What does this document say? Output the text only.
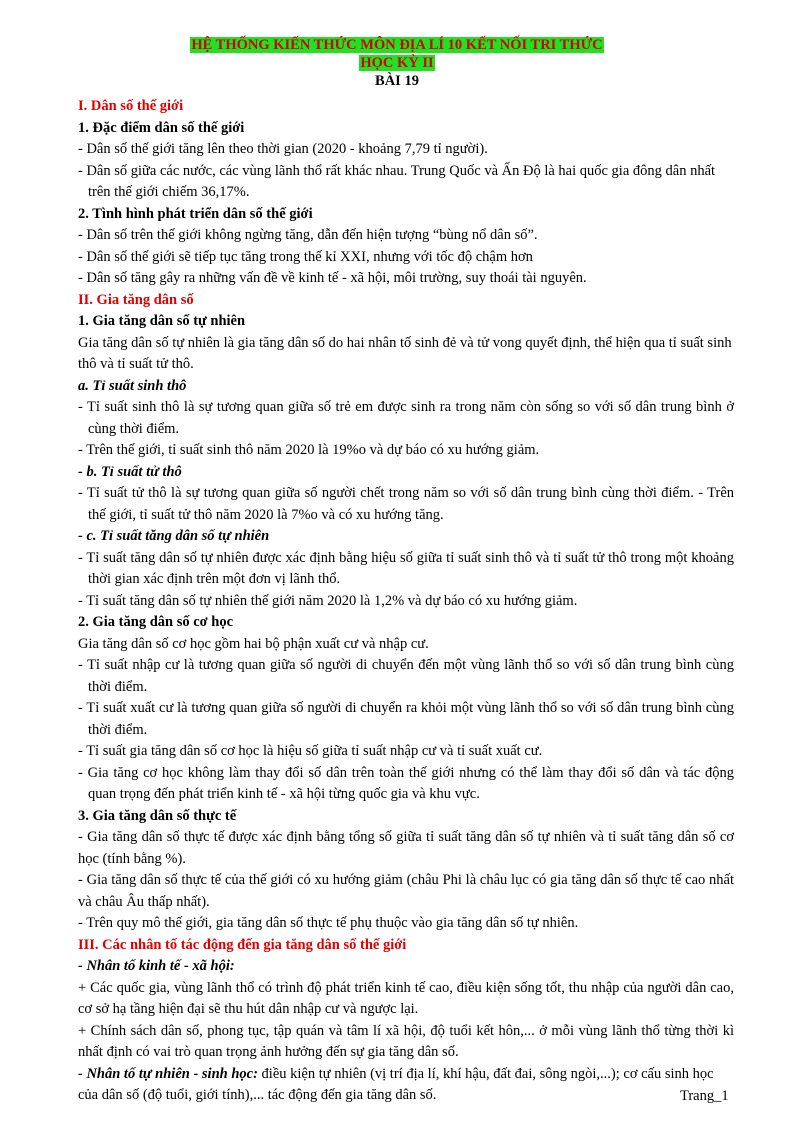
HỆ THỐNG KIẾN THỨC MÔN ĐỊA LÍ 10 KẾT NỐI TRI THỨC
HỌC KỲ II
BÀI 19

I. Dân số thế giới

1. Đặc điểm dân số thế giới

- Dân số thế giới tăng lên theo thời gian (2020 - khoảng 7,79 tỉ người).

- Dân số giữa các nước, các vùng lãnh thổ rất khác nhau. Trung Quốc và Ấn Độ là hai quốc gia đông dân nhất trên thế giới chiếm 36,17%.

2. Tình hình phát triển dân số thế giới

- Dân số trên thế giới không ngừng tăng, dẫn đến hiện tượng “bùng nổ dân số”.

- Dân số thế giới sẽ tiếp tục tăng trong thế kỉ XXI, nhưng với tốc độ chậm hơn

- Dân số tăng gây ra những vấn đề về kinh tế - xã hội, môi trường, suy thoái tài nguyên.

II. Gia tăng dân số

1. Gia tăng dân số tự nhiên

Gia tăng dân số tự nhiên là gia tăng dân số do hai nhân tố sinh đẻ và tử vong quyết định, thể hiện qua tỉ suất sinh thô và tỉ suất tử thô.

a. Tỉ suất sinh thô

- Tỉ suất sinh thô là sự tương quan giữa số trẻ em được sinh ra trong năm còn sống so với số dân trung bình ở cùng thời điểm.

- Trên thế giới, tỉ suất sinh thô năm 2020 là 19%o và dự báo có xu hướng giảm.

- b. Tỉ suất tử thô

- Tỉ suất tử thô là sự tương quan giữa số người chết trong năm so với số dân trung bình cùng thời điểm. - Trên thế giới, tỉ suất tử thô năm 2020 là 7%o và có xu hướng tăng.

- c. Tỉ suất tăng dân số tự nhiên

- Tỉ suất tăng dân số tự nhiên được xác định bằng hiệu số giữa tỉ suất sinh thô và tỉ suất tử thô trong một khoảng thời gian xác định trên một đơn vị lãnh thổ.

- Tỉ suất tăng dân số tự nhiên thế giới năm 2020 là 1,2% và dự báo có xu hướng giảm.

2. Gia tăng dân số cơ học

Gia tăng dân số cơ học gồm hai bộ phận xuất cư và nhập cư.

- Tỉ suất nhập cư là tương quan giữa số người di chuyển đến một vùng lãnh thổ so với số dân trung bình cùng thời điểm.

- Tỉ suất xuất cư là tương quan giữa số người di chuyển ra khỏi một vùng lãnh thổ so với số dân trung bình cùng thời điểm.

- Tỉ suất gia tăng dân số cơ học là hiệu số giữa tỉ suất nhập cư và tỉ suất xuất cư.

- Gia tăng cơ học không làm thay đổi số dân trên toàn thế giới nhưng có thể làm thay đổi số dân và tác động quan trọng đến phát triển kinh tế - xã hội từng quốc gia và khu vực.

3. Gia tăng dân số thực tế

- Gia tăng dân số thực tế được xác định bằng tổng số giữa tỉ suất tăng dân số tự nhiên và tỉ suất tăng dân số cơ học (tính bằng %).

- Gia tăng dân số thực tế của thế giới có xu hướng giảm (châu Phi là châu lục có gia tăng dân số thực tế cao nhất và châu Âu thấp nhất).

- Trên quy mô thế giới, gia tăng dân số thực tế phụ thuộc vào gia tăng dân số tự nhiên.

III. Các nhân tố tác động đến gia tăng dân số thế giới

- Nhân tố kinh tế - xã hội:

+ Các quốc gia, vùng lãnh thổ có trình độ phát triển kinh tế cao, điều kiện sống tốt, thu nhập của người dân cao, cơ sở hạ tầng hiện đại sẽ thu hút dân nhập cư và ngược lại.

+ Chính sách dân số, phong tục, tập quán và tâm lí xã hội, độ tuổi kết hôn,... ở mỗi vùng lãnh thổ từng thời kì nhất định có vai trò quan trọng ảnh hưởng đến sự gia tăng dân số.

- Nhân tố tự nhiên - sinh học: điều kiện tự nhiên (vị trí địa lí, khí hậu, đất đai, sông ngòi,...); cơ cấu sinh học của dân số (độ tuổi, giới tính),... tác động đến gia tăng dân số.	Trang_1
